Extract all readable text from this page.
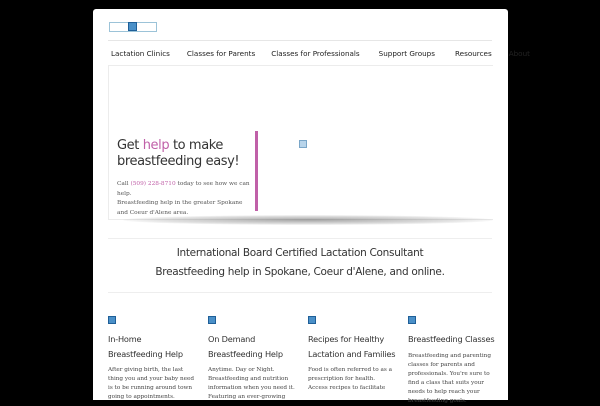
Lactation Clinics Classes for Parents Classes for Professionals	Support Groups	Resources About
Get help to make breastfeeding easy!
Call (509) 228-8710 today to see how we can help.
Breastfeeding help in the greater Spokane and Coeur d'Alene area.
International Board Certified Lactation Consultant
Breastfeeding help in Spokane, Coeur d'Alene, and online.
In-Home Breastfeeding Help
After giving birth, the last thing you and your baby need is to be running around town going to appointments.
On Demand Breastfeeding Help
Anytime. Day or Night. Breastfeeding and nutrition information when you need it. Featuring an ever-growing
Recipes for Healthy Lactation and Families
Food is often referred to as a prescription for health. Access recipes to facilitate
Breastfeeding Classes
Breastfeeding and parenting classes for parents and professionals. You're sure to find a class that suits your needs to help reach your breastfeeding goals.
